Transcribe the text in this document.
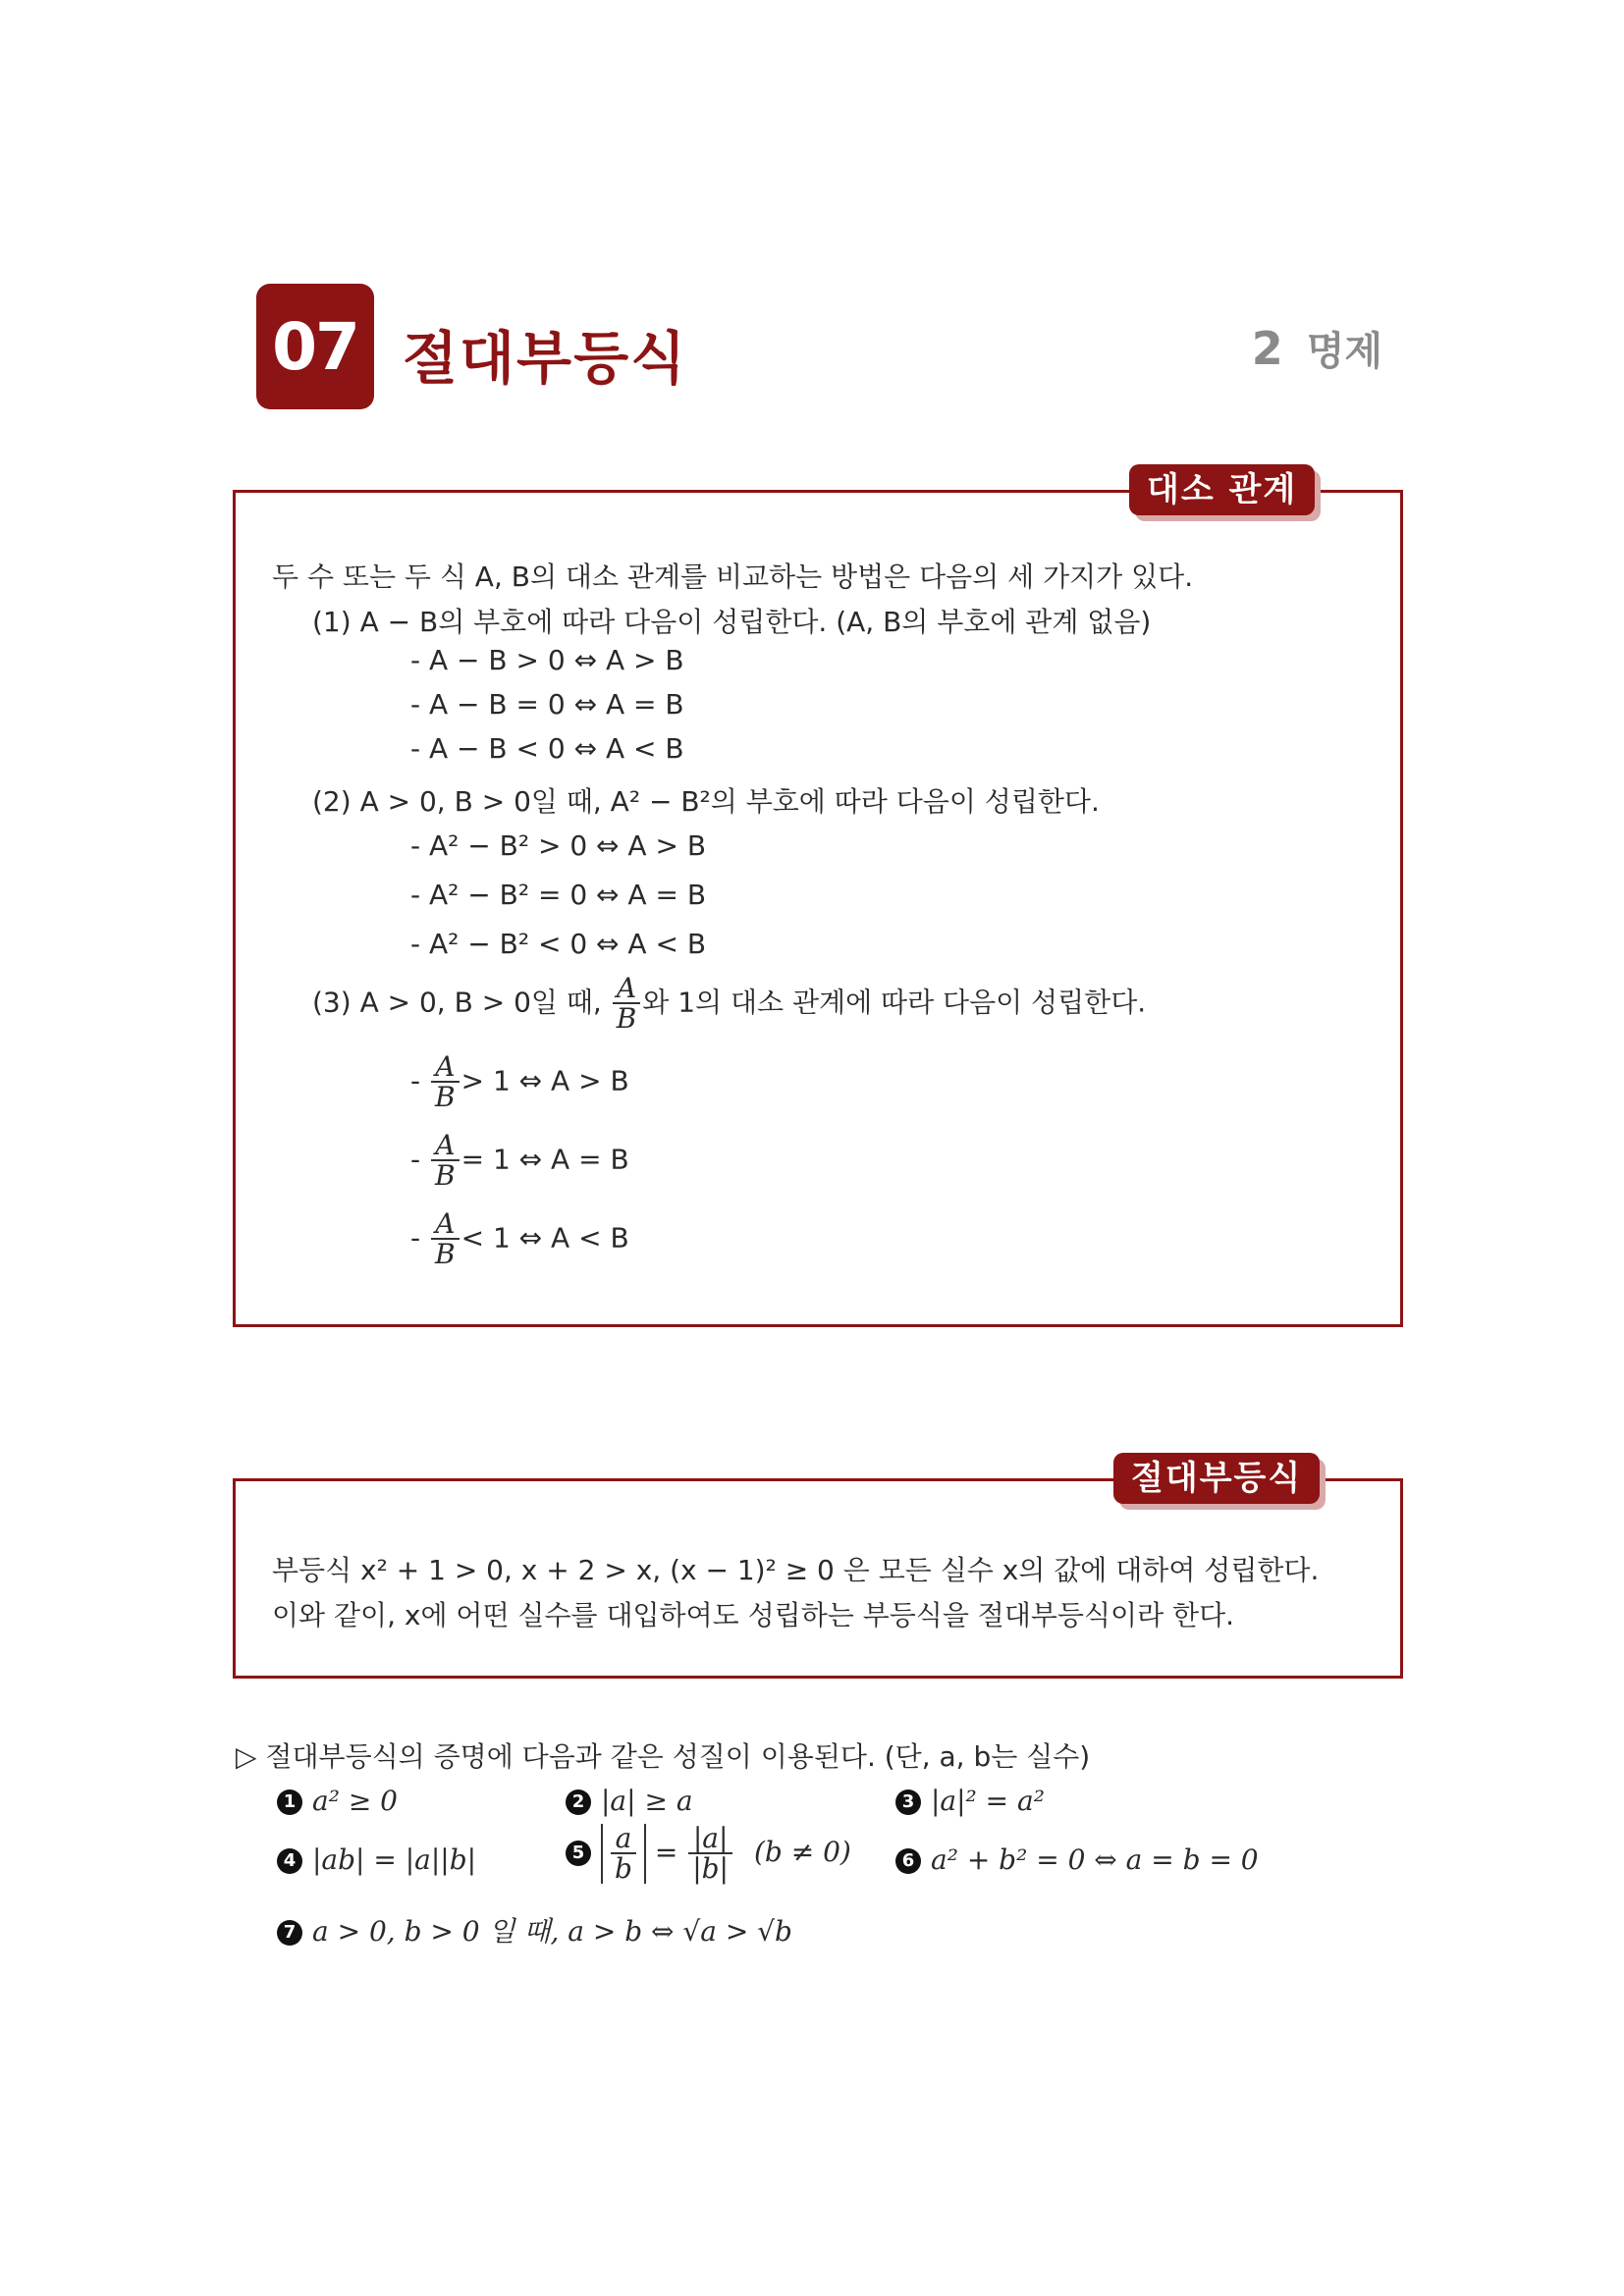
07 절대부등식	2 명제
대소 관계
두 수 또는 두 식 A, B의 대소 관계를 비교하는 방법은 다음의 세 가지가 있다.
(1) A − B의 부호에 따라 다음이 성립한다. (A, B의 부호에 관계 없음)
- A − B > 0 ⇔ A > B
- A − B = 0 ⇔ A = B
- A − B < 0 ⇔ A < B
(2) A > 0, B > 0일 때, A² − B²의 부호에 따라 다음이 성립한다.
- A² − B² > 0 ⇔ A > B
- A² − B² = 0 ⇔ A = B
- A² − B² < 0 ⇔ A < B
(3) A > 0, B > 0일 때, $\frac{A}{B}$ 와 1의 대소 관계에 따라 다음이 성립한다.
- $\frac{A}{B} > 1$ ⇔ A > B
- $\frac{A}{B} = 1$ ⇔ A = B
- $\frac{A}{B} < 1$ ⇔ A < B
절대부등식
부등식 x² + 1 > 0, x + 2 > x, (x − 1)² ≥ 0 은 모든 실수 x의 값에 대하여 성립한다.
이와 같이, x에 어떤 실수를 대입하여도 성립하는 부등식을 절대부등식이라 한다.
▷ 절대부등식의 증명에 다음과 같은 성질이 이용된다. (단, a, b는 실수)
1 a² ≥ 0	2 |a| ≥ a	3 |a|² = a²
4 |ab| = |a||b|	$5 \frac{a}{b} = \frac{|a|}{|b|} (b \ne 0)$	6 a² + b² = 0 ⇔ a = b = 0
7 a > 0, b > 0 일 때, a > b ⇔ √a > √b
